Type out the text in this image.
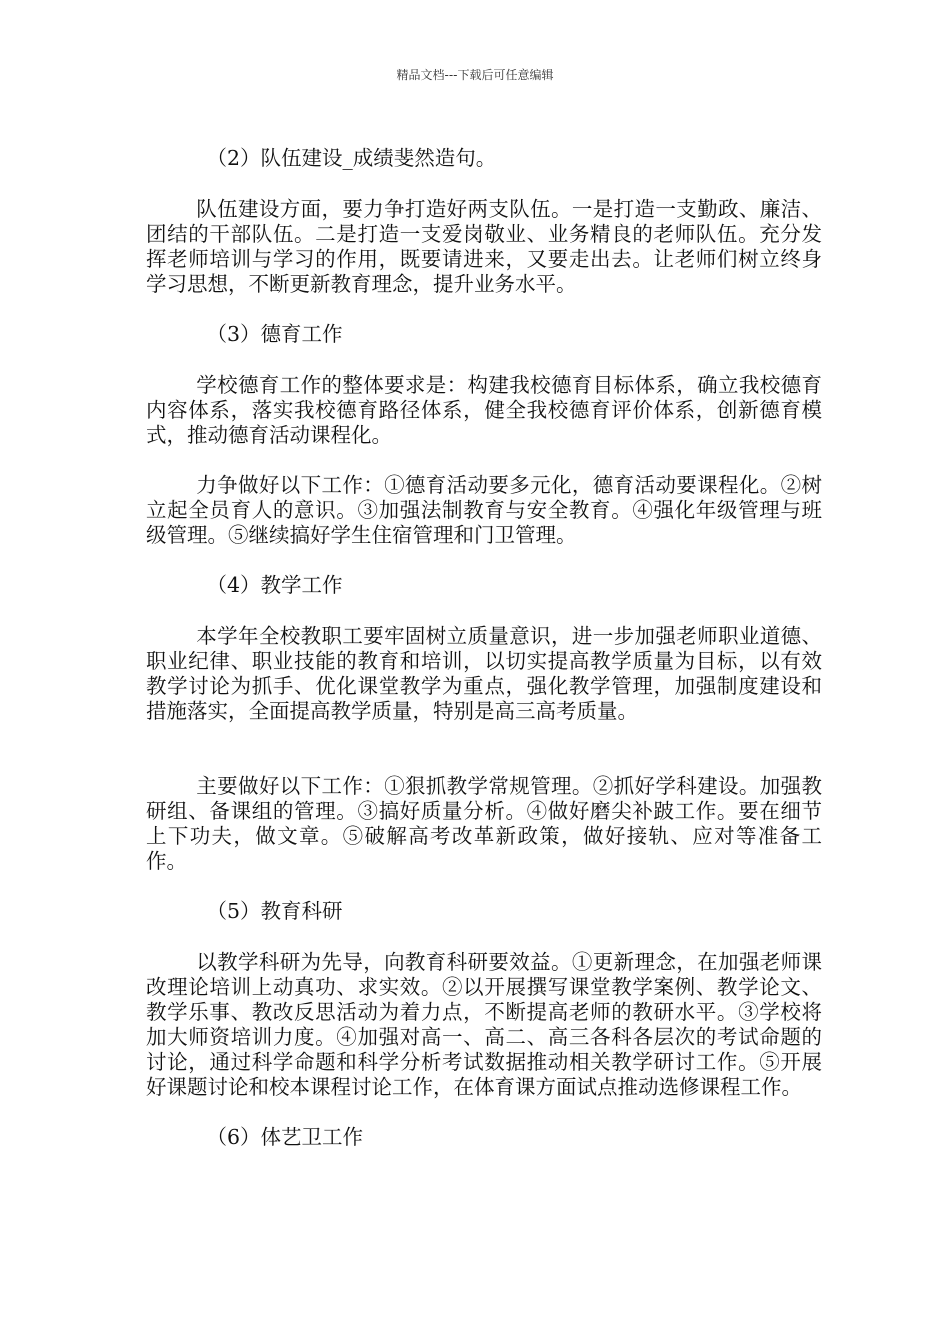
精品文档---下载后可任意编辑

（2）队伍建设_成绩斐然造句。

队伍建设方面，要力争打造好两支队伍。一是打造一支勤政、廉洁、团结的干部队伍。二是打造一支爱岗敬业、业务精良的老师队伍。充分发挥老师培训与学习的作用，既要请进来，又要走出去。让老师们树立终身学习思想，不断更新教育理念，提升业务水平。

（3）德育工作

学校德育工作的整体要求是：构建我校德育目标体系，确立我校德育内容体系，落实我校德育路径体系，健全我校德育评价体系，创新德育模式，推动德育活动课程化。

力争做好以下工作：①德育活动要多元化，德育活动要课程化。②树立起全员育人的意识。③加强法制教育与安全教育。④强化年级管理与班级管理。⑤继续搞好学生住宿管理和门卫管理。

（4）教学工作

本学年全校教职工要牢固树立质量意识，进一步加强老师职业道德、职业纪律、职业技能的教育和培训，以切实提高教学质量为目标，以有效教学讨论为抓手、优化课堂教学为重点，强化教学管理，加强制度建设和措施落实，全面提高教学质量，特别是高三高考质量。

主要做好以下工作：①狠抓教学常规管理。②抓好学科建设。加强教研组、备课组的管理。③搞好质量分析。④做好磨尖补跛工作。要在细节上下功夫，做文章。⑤破解高考改革新政策，做好接轨、应对等准备工作。

（5）教育科研

以教学科研为先导，向教育科研要效益。①更新理念，在加强老师课改理论培训上动真功、求实效。②以开展撰写课堂教学案例、教学论文、教学乐事、教改反思活动为着力点，不断提高老师的教研水平。③学校将加大师资培训力度。④加强对高一、高二、高三各科各层次的考试命题的讨论，通过科学命题和科学分析考试数据推动相关教学研讨工作。⑤开展好课题讨论和校本课程讨论工作，在体育课方面试点推动选修课程工作。

（6）体艺卫工作
